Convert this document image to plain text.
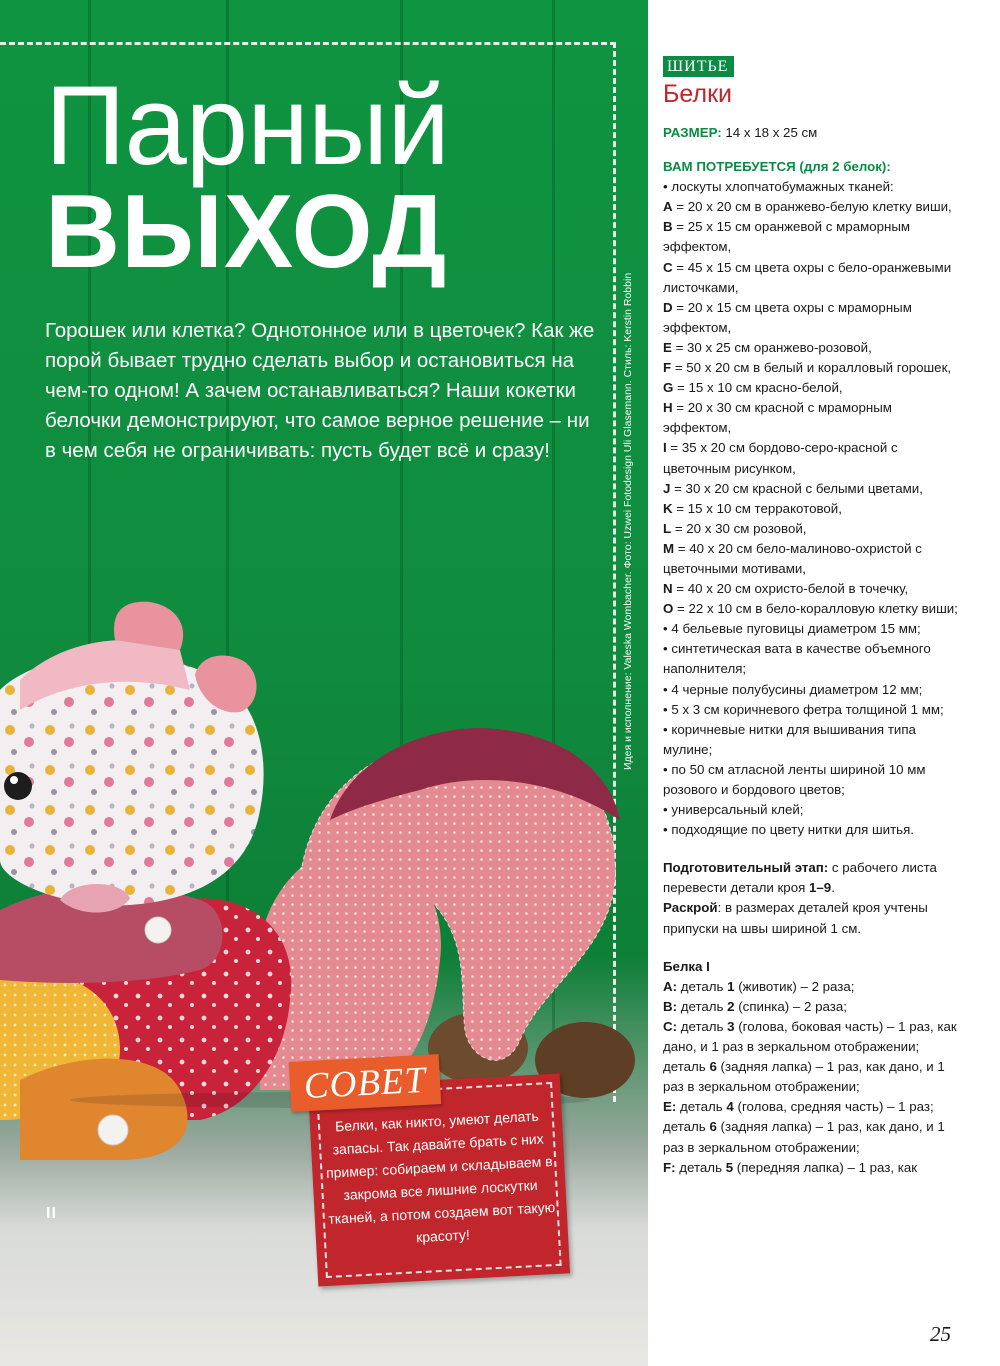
Парный
ВЫХОД

Горошек или клетка? Однотонное или в цветочек? Как же порой бывает трудно сделать выбор и остановиться на чем-то одном! А зачем останавливаться? Наши кокетки белочки демонстрируют, что самое верное решение – ни в чем себя не ограничивать: пусть будет всё и сразу!	Идея и исполнение: Valeska Wombacher. Фото: Uzwei Fotodesign Uli Glasemann. Стиль: Kerstin Robbin
II
СОВЕТ

Белки, как никто, умеют делать запасы. Так давайте брать с них пример: собираем и складываем в закрома все лишние лоскутки тканей, а потом создаем вот такую красоту!

ШИТЬЕ
Белки

РАЗМЕР: 14 х 18 х 25 см

ВАМ ПОТРЕБУЕТСЯ (для 2 белок):

• лоскуты хлопчатобумажных тканей:

A = 20 х 20 см в оранжево-белую клетку виши,

B = 25 х 15 см оранжевой с мраморным эффектом,

C = 45 х 15 см цвета охры с бело-оранжевыми листочками,

D = 20 х 15 см цвета охры с мраморным эффектом,

E = 30 х 25 см оранжево-розовой,

F = 50 х 20 см в белый и коралловый горошек,

G = 15 х 10 см красно-белой,

H = 20 х 30 см красной с мраморным эффектом,

I = 35 х 20 см бордово-серо-красной с цветочным рисунком,

J = 30 х 20 см красной с белыми цветами,

K = 15 х 10 см терракотовой,

L = 20 х 30 см розовой,

M = 40 х 20 см бело-малиново-охристой с цветочными мотивами,

N = 40 х 20 см охристо-белой в точечку,

O = 22 х 10 см в бело-коралловую клетку виши;

• 4 бельевые пуговицы диаметром 15 мм;

• синтетическая вата в качестве объемного наполнителя;

• 4 черные полубусины диаметром 12 мм;

• 5 х 3 см коричневого фетра толщиной 1 мм;

• коричневые нитки для вышивания типа мулине;

• по 50 см атласной ленты шириной 10 мм розового и бордового цветов;

• универсальный клей;

• подходящие по цвету нитки для шитья.

Подготовительный этап: с рабочего листа перевести детали кроя 1–9.
Раскрой: в размерах деталей кроя учтены припуски на швы шириной 1 см.

Белка I

A: деталь 1 (животик) – 2 раза;

B: деталь 2 (спинка) – 2 раза;

C: деталь 3 (голова, боковая часть) – 1 раз, как дано, и 1 раз в зеркальном отображении; деталь 6 (задняя лапка) – 1 раз, как дано, и 1 раз в зеркальном отображении;

E: деталь 4 (голова, средняя часть) – 1 раз; деталь 6 (задняя лапка) – 1 раз, как дано, и 1 раз в зеркальном отображении;

F: деталь 5 (передняя лапка) – 1 раз, как

25
